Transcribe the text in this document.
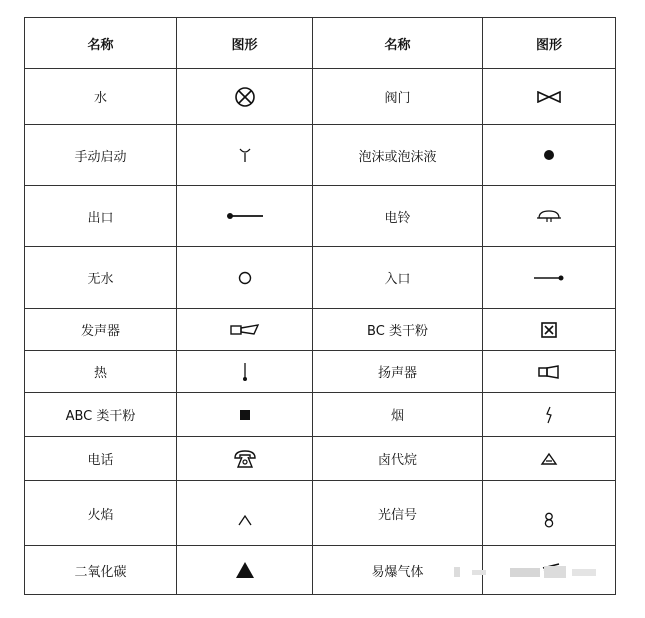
名称	图形	名称	图形
水		阀门	
手动启动		泡沫或泡沫液	
出口		电铃	
无水		入口	
发声器		BC 类干粉	
热		扬声器	
ABC 类干粉		烟	
电话		卤代烷	
火焰		光信号	
二氧化碳		易爆气体	
